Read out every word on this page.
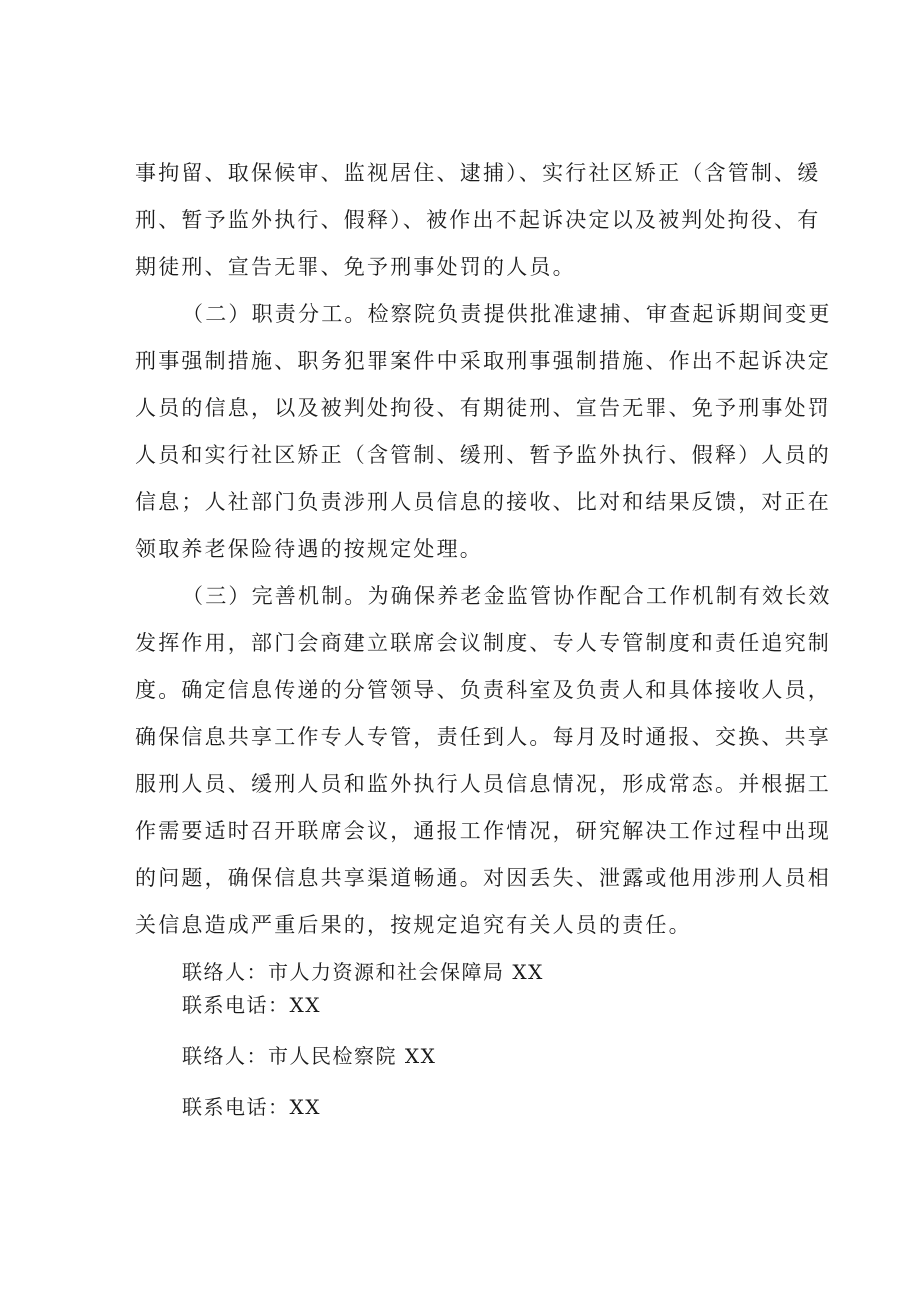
事拘留、取保候审、监视居住、逮捕）、实行社区矫正（含管制、缓
刑、暂予监外执行、假释）、被作出不起诉决定以及被判处拘役、有
期徒刑、宣告无罪、免予刑事处罚的人员。
（二）职责分工。检察院负责提供批准逮捕、审查起诉期间变更
刑事强制措施、职务犯罪案件中采取刑事强制措施、作出不起诉决定
人员的信息，以及被判处拘役、有期徒刑、宣告无罪、免予刑事处罚
人员和实行社区矫正（含管制、缓刑、暂予监外执行、假释）人员的
信息；人社部门负责涉刑人员信息的接收、比对和结果反馈，对正在
领取养老保险待遇的按规定处理。
（三）完善机制。为确保养老金监管协作配合工作机制有效长效
发挥作用，部门会商建立联席会议制度、专人专管制度和责任追究制
度。确定信息传递的分管领导、负责科室及负责人和具体接收人员，
确保信息共享工作专人专管，责任到人。每月及时通报、交换、共享
服刑人员、缓刑人员和监外执行人员信息情况，形成常态。并根据工
作需要适时召开联席会议，通报工作情况，研究解决工作过程中出现
的问题，确保信息共享渠道畅通。对因丢失、泄露或他用涉刑人员相
关信息造成严重后果的，按规定追究有关人员的责任。
联络人：市人力资源和社会保障局 XX
联系电话：XX
联络人：市人民检察院 XX
联系电话：XX
